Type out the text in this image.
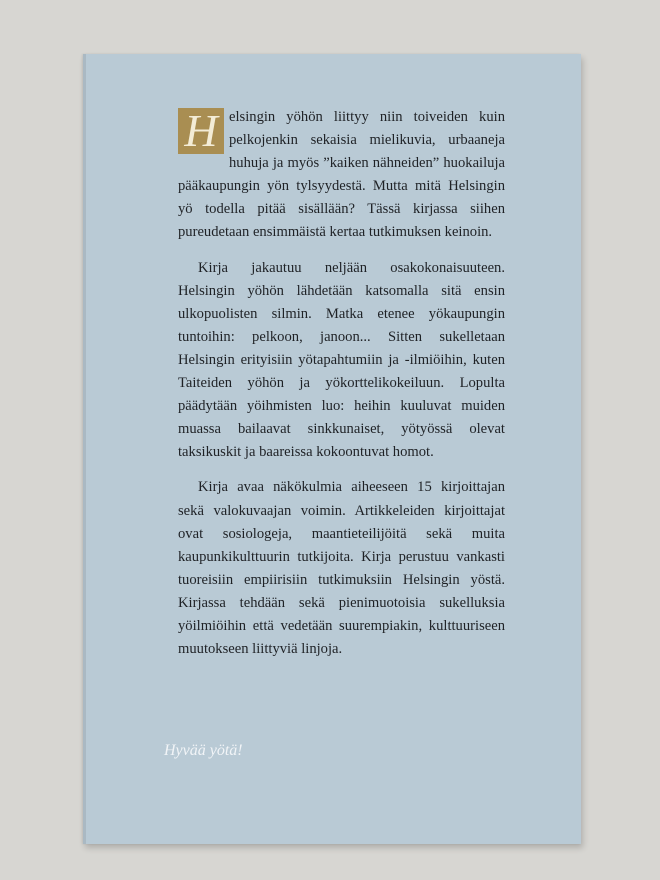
H elsingin yöhön liittyy niin toiveiden kuin pelkojenkin sekaisia mielikuvia, urbaaneja huhuja ja myös ”kaiken nähneiden” huokailuja pääkaupungin yön tylsyydestä. Mutta mitä Helsingin yö todella pitää sisällään? Tässä kirjassa siihen pureudetaan ensimmäistä kertaa tutkimuksen keinoin.

Kirja jakautuu neljään osakokonaisuuteen. Helsingin yöhön lähdetään katsomalla sitä ensin ulkopuolisten silmin. Matka etenee yökaupungin tuntoihin: pelkoon, janoon... Sitten sukelletaan Helsingin erityisiin yötapahtumiin ja -ilmiöihin, kuten Taiteiden yöhön ja yökorttelikokeiluun. Lopulta päädytään yöihmisten luo: heihin kuuluvat muiden muassa bailaavat sinkkunaiset, yötyössä olevat taksikuskit ja baareissa kokoontuvat homot.

Kirja avaa näkökulmia aiheeseen 15 kirjoittajan sekä valokuvaajan voimin. Artikkeleiden kirjoittajat ovat sosiologeja, maantieteilijöitä sekä muita kaupunkikulttuurin tutkijoita. Kirja perustuu vankasti tuoreisiin empiirisiin tutkimuksiin Helsingin yöstä. Kirjassa tehdään sekä pienimuotoisia sukelluksia yöilmiöihin että vedetään suurempiakin, kulttuuriseen muutokseen liittyviä linjoja.

Hyvää yötä!
